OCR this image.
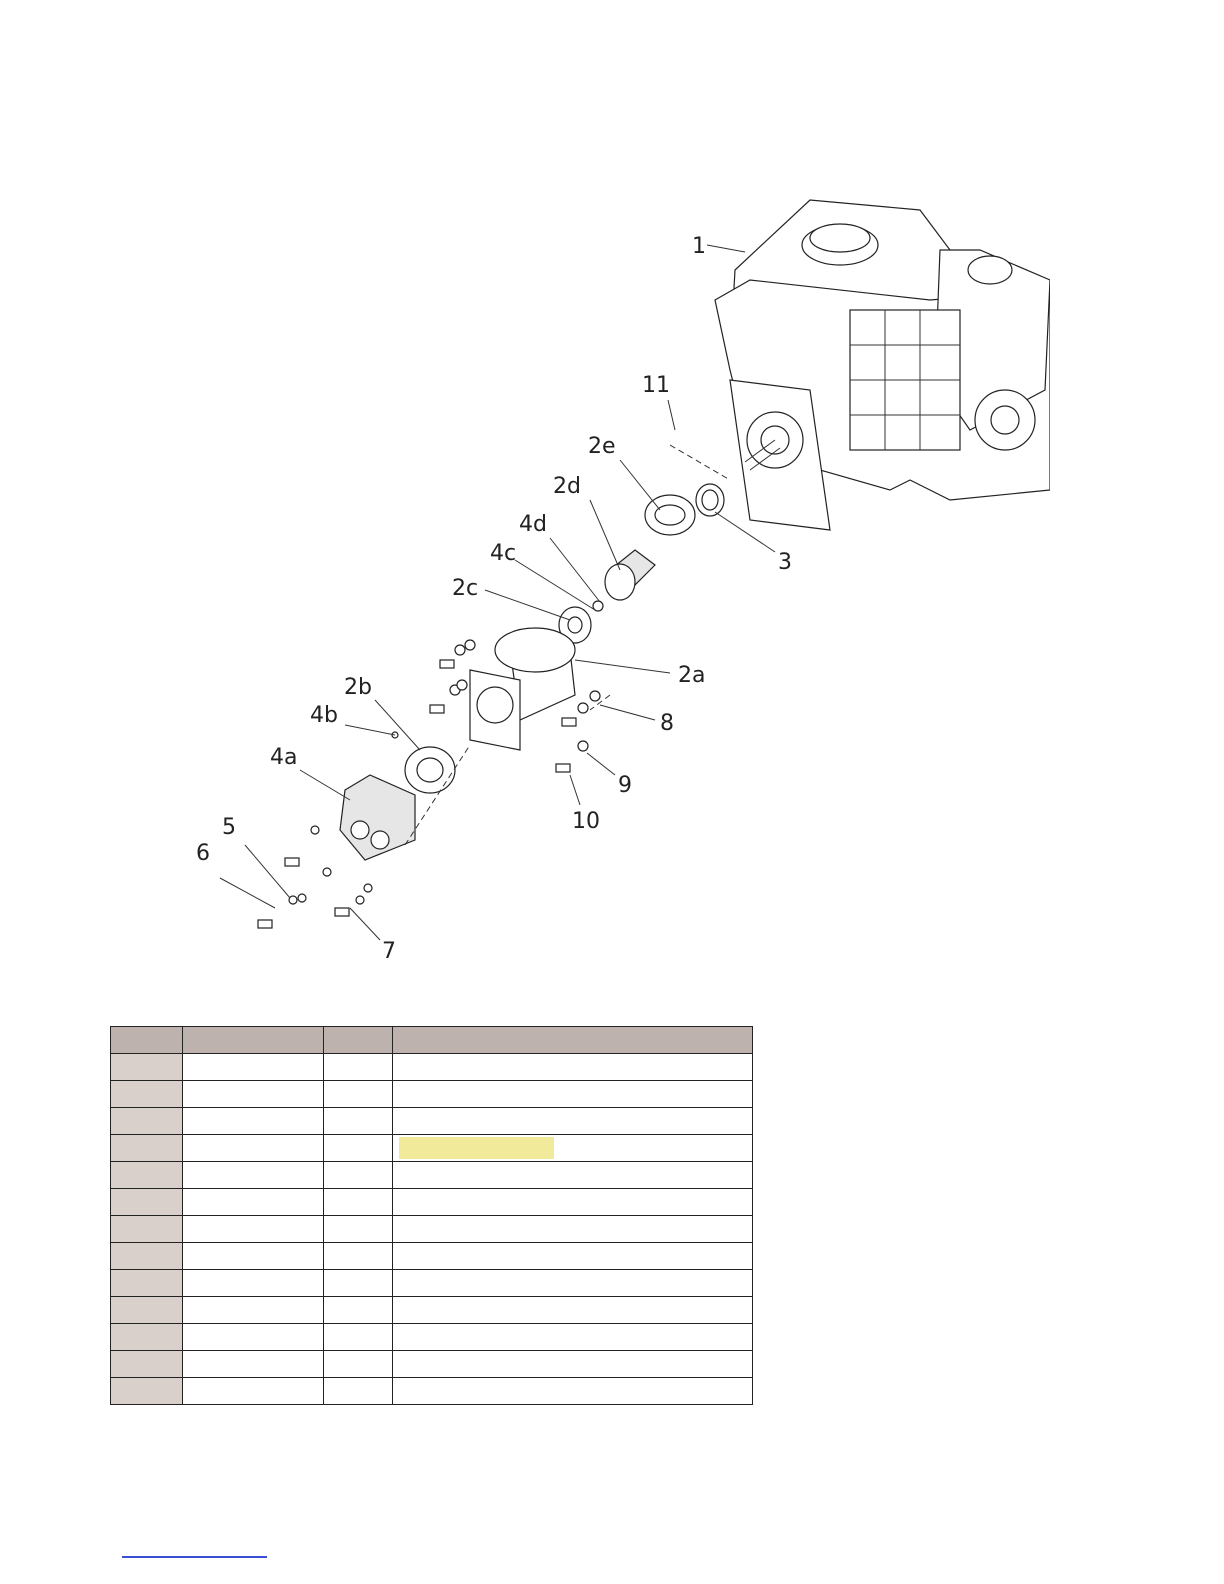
1
11
2e
2d
4d
4c
2c
2a
3
2b
4b
4a
5
6
7
8
9
10
